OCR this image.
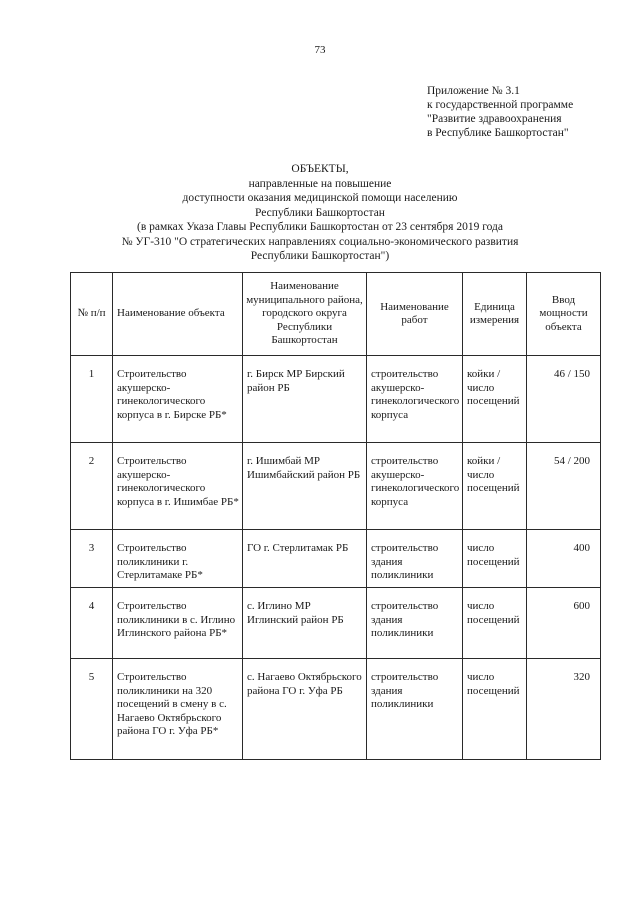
73
Приложение № 3.1
к государственной программе
"Развитие здравоохранения
в Республике Башкортостан"
ОБЪЕКТЫ,
направленные на повышение
доступности оказания медицинской помощи населению
Республики Башкортостан
(в рамках Указа Главы Республики Башкортостан от 23 сентября 2019 года
№ УГ-310 "О стратегических направлениях социально-экономического развития
Республики Башкортостан")
№ п/п	Наименование объекта	Наименование муниципального района, городского округа Республики Башкортостан	Наименование работ	Единица измерения	Ввод мощности объекта
1	Строительство акушерско-гинекологического корпуса в г. Бирске РБ*	г. Бирск МР Бирский район РБ	строительство акушерско-гинекологического корпуса	койки / число посещений	46 / 150
2	Строительство акушерско-гинекологического корпуса в г. Ишимбае РБ*	г. Ишимбай МР Ишимбайский район РБ	строительство акушерско-гинекологического корпуса	койки / число посещений	54 / 200
3	Строительство поликлиники г. Стерлитамаке РБ*	ГО г. Стерлитамак РБ	строительство здания поликлиники	число посещений	400
4	Строительство поликлиники в с. Иглино Иглинского района РБ*	с. Иглино МР Иглинский район РБ	строительство здания поликлиники	число посещений	600
5	Строительство поликлиники на 320 посещений в смену в с. Нагаево Октябрьского района ГО г. Уфа РБ*	с. Нагаево Октябрьского района ГО г. Уфа РБ	строительство здания поликлиники	число посещений	320
